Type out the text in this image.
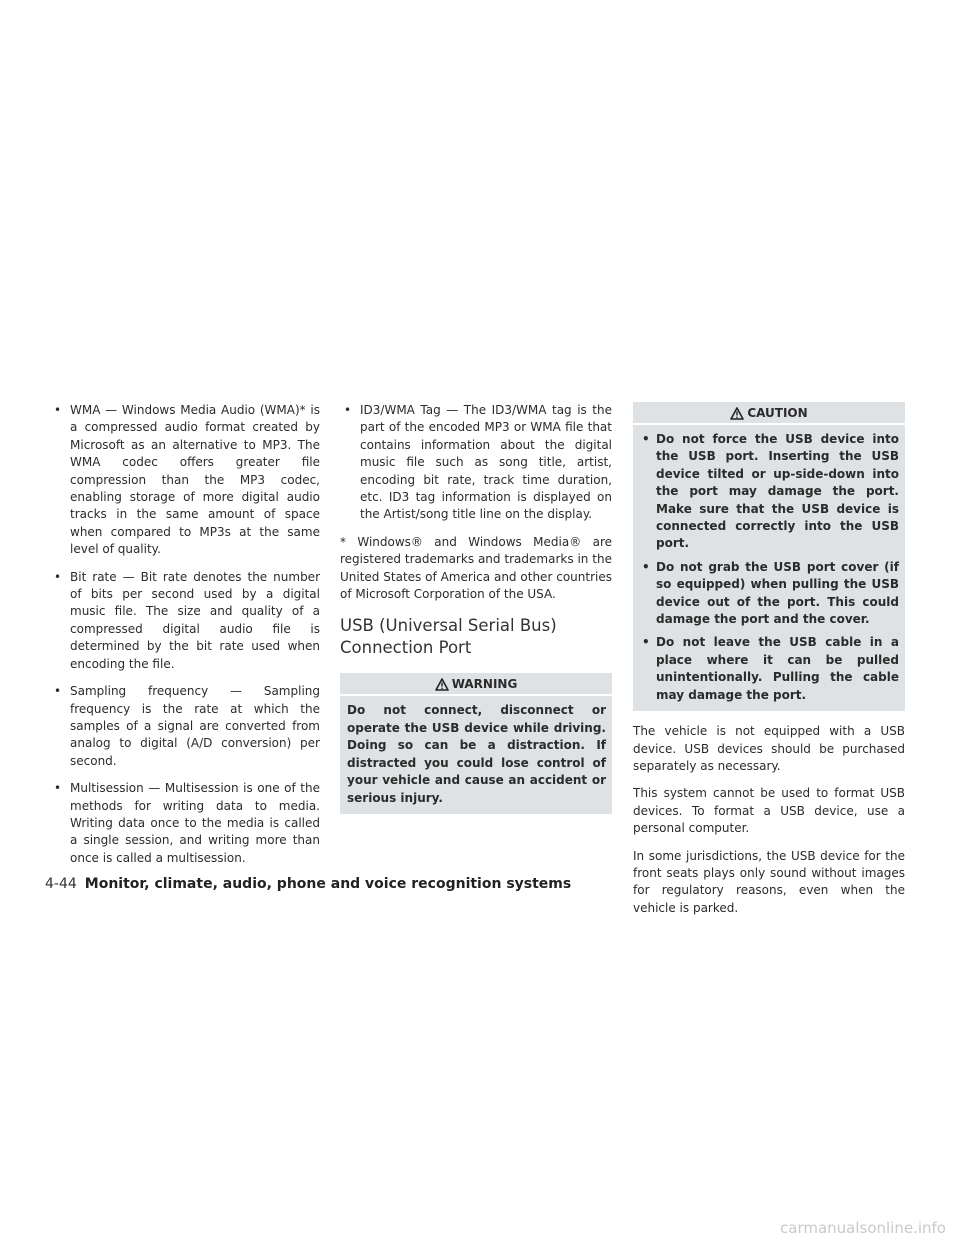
• WMA — Windows Media Audio (WMA)* is a compressed audio format created by Microsoft as an alternative to MP3. The WMA codec offers greater file compression than the MP3 codec, enabling storage of more digital audio tracks in the same amount of space when compared to MP3s at the same level of quality.
• Bit rate — Bit rate denotes the number of bits per second used by a digital music file. The size and quality of a compressed digital audio file is determined by the bit rate used when encoding the file.
• Sampling frequency — Sampling frequency is the rate at which the samples of a signal are converted from analog to digital (A/D conversion) per second.
• Multisession — Multisession is one of the methods for writing data to media. Writing data once to the media is called a single session, and writing more than once is called a multisession.
• ID3/WMA Tag — The ID3/WMA tag is the part of the encoded MP3 or WMA file that contains information about the digital music file such as song title, artist, encoding bit rate, track time duration, etc. ID3 tag information is displayed on the Artist/song title line on the display.

* Windows® and Windows Media® are registered trademarks and trademarks in the United States of America and other countries of Microsoft Corporation of the USA.

USB (Universal Serial Bus)
Connection Port
WARNING
Do not connect, disconnect or operate the USB device while driving. Doing so can be a distraction. If distracted you could lose control of your vehicle and cause an accident or serious injury.
CAUTION
• Do not force the USB device into the USB port. Inserting the USB device tilted or up-side-down into the port may damage the port. Make sure that the USB device is connected correctly into the USB port.
• Do not grab the USB port cover (if so equipped) when pulling the USB device out of the port. This could damage the port and the cover.
• Do not leave the USB cable in a place where it can be pulled unintentionally. Pulling the cable may damage the port.

The vehicle is not equipped with a USB device. USB devices should be purchased separately as necessary.

This system cannot be used to format USB devices. To format a USB device, use a personal computer.

In some jurisdictions, the USB device for the front seats plays only sound without images for regulatory reasons, even when the vehicle is parked.

4-44 Monitor, climate, audio, phone and voice recognition systems
carmanualsonline.info
